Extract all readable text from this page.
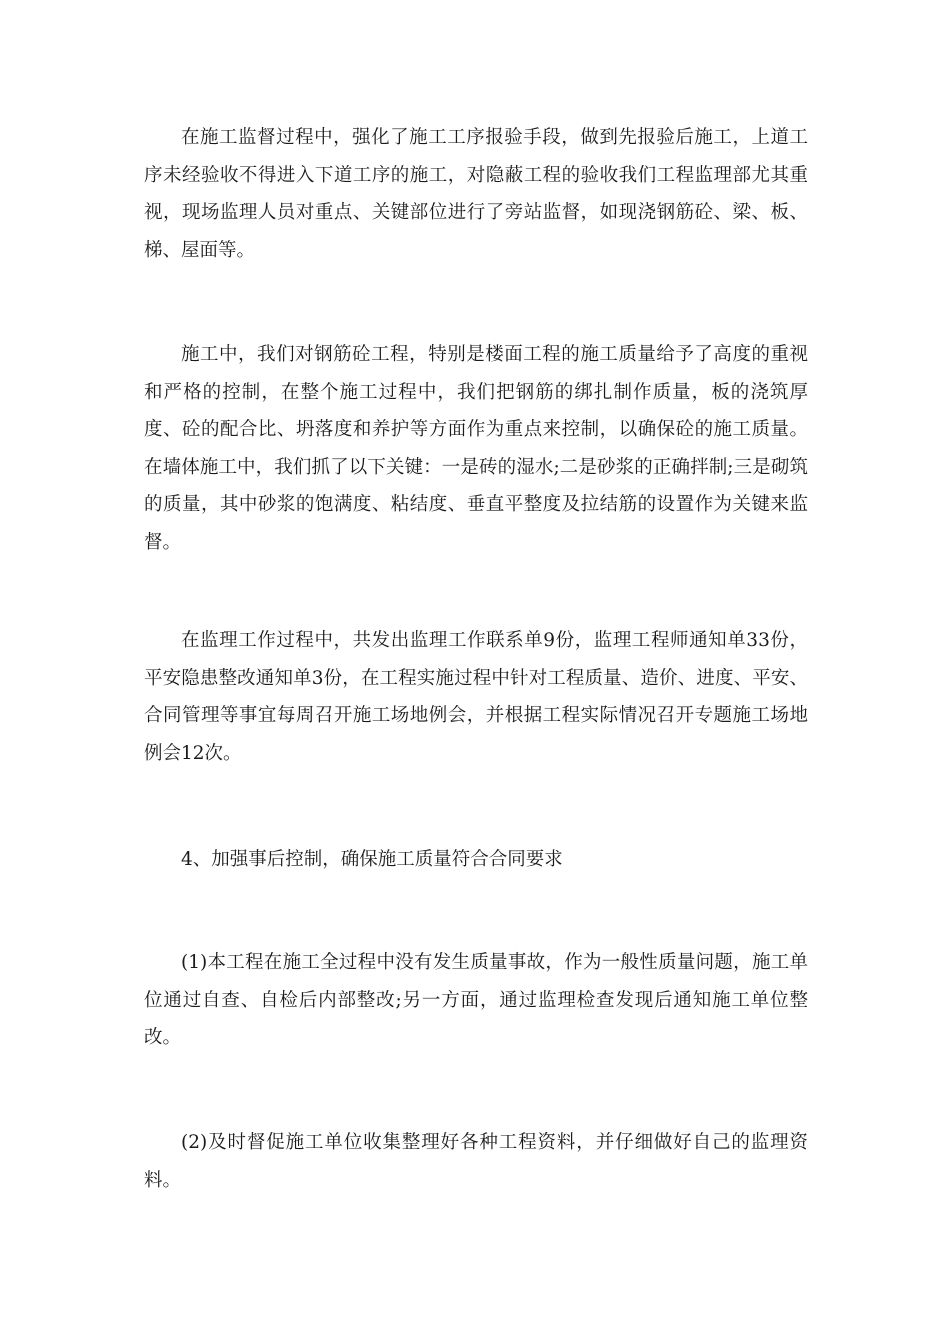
在施工监督过程中，强化了施工工序报验手段，做到先报验后施工，上道工序未经验收不得进入下道工序的施工，对隐蔽工程的验收我们工程监理部尤其重视，现场监理人员对重点、关键部位进行了旁站监督，如现浇钢筋砼、梁、板、梯、屋面等。

施工中，我们对钢筋砼工程，特别是楼面工程的施工质量给予了高度的重视和严格的控制，在整个施工过程中，我们把钢筋的绑扎制作质量，板的浇筑厚度、砼的配合比、坍落度和养护等方面作为重点来控制，以确保砼的施工质量。在墙体施工中，我们抓了以下关键：一是砖的湿水;二是砂浆的正确拌制;三是砌筑的质量，其中砂浆的饱满度、粘结度、垂直平整度及拉结筋的设置作为关键来监督。

在监理工作过程中，共发出监理工作联系单9份，监理工程师通知单33份，平安隐患整改通知单3份，在工程实施过程中针对工程质量、造价、进度、平安、合同管理等事宜每周召开施工场地例会，并根据工程实际情况召开专题施工场地例会12次。

4、加强事后控制，确保施工质量符合合同要求

(1)本工程在施工全过程中没有发生质量事故，作为一般性质量问题，施工单位通过自查、自检后内部整改;另一方面，通过监理检查发现后通知施工单位整改。

(2)及时督促施工单位收集整理好各种工程资料，并仔细做好自己的监理资料。
